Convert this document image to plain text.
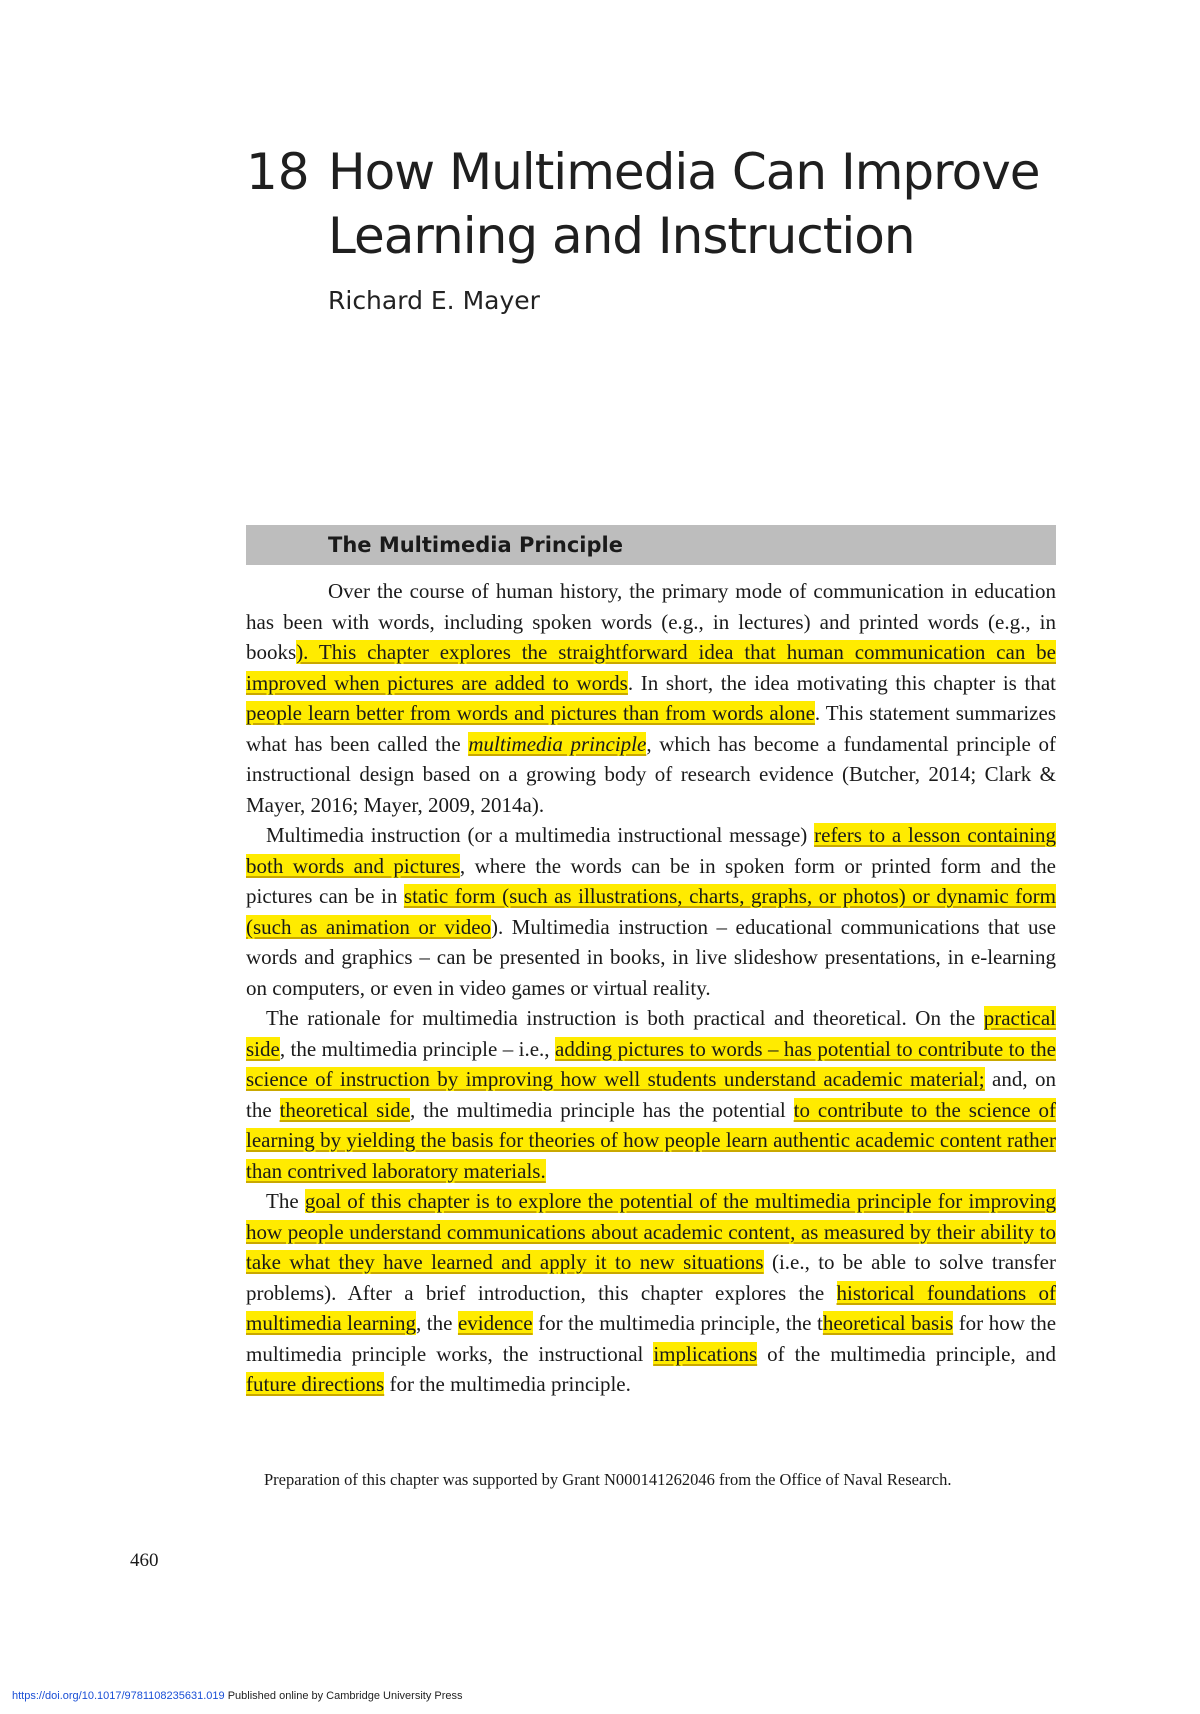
18 How Multimedia Can Improve Learning and Instruction
Richard E. Mayer
The Multimedia Principle

Over the course of human history, the primary mode of communication in education has been with words, including spoken words (e.g., in lectures) and printed words (e.g., in books). This chapter explores the straightforward idea that human communication can be improved when pictures are added to words. In short, the idea motivating this chapter is that people learn better from words and pictures than from words alone. This statement summarizes what has been called the multimedia principle, which has become a fundamental principle of instructional design based on a growing body of research evidence (Butcher, 2014; Clark & Mayer, 2016; Mayer, 2009, 2014a).

Multimedia instruction (or a multimedia instructional message) refers to a lesson containing both words and pictures, where the words can be in spoken form or printed form and the pictures can be in static form (such as illustrations, charts, graphs, or photos) or dynamic form (such as animation or video). Multimedia instruction – educational communications that use words and graphics – can be presented in books, in live slideshow presentations, in e-learning on computers, or even in video games or virtual reality.

The rationale for multimedia instruction is both practical and theoretical. On the practical side, the multimedia principle – i.e., adding pictures to words – has potential to contribute to the science of instruction by improving how well students understand academic material; and, on the theoretical side, the multimedia principle has the potential to contribute to the science of learning by yielding the basis for theories of how people learn authentic academic content rather than contrived laboratory materials.

The goal of this chapter is to explore the potential of the multimedia principle for improving how people understand communications about academic content, as measured by their ability to take what they have learned and apply it to new situations (i.e., to be able to solve transfer problems). After a brief introduction, this chapter explores the historical foundations of multimedia learning, the evidence for the multimedia principle, the theoretical basis for how the multimedia principle works, the instructional implications of the multimedia principle, and future directions for the multimedia principle.

Preparation of this chapter was supported by Grant N000141262046 from the Office of Naval Research.
460
https://doi.org/10.1017/9781108235631.019 Published online by Cambridge University Press
